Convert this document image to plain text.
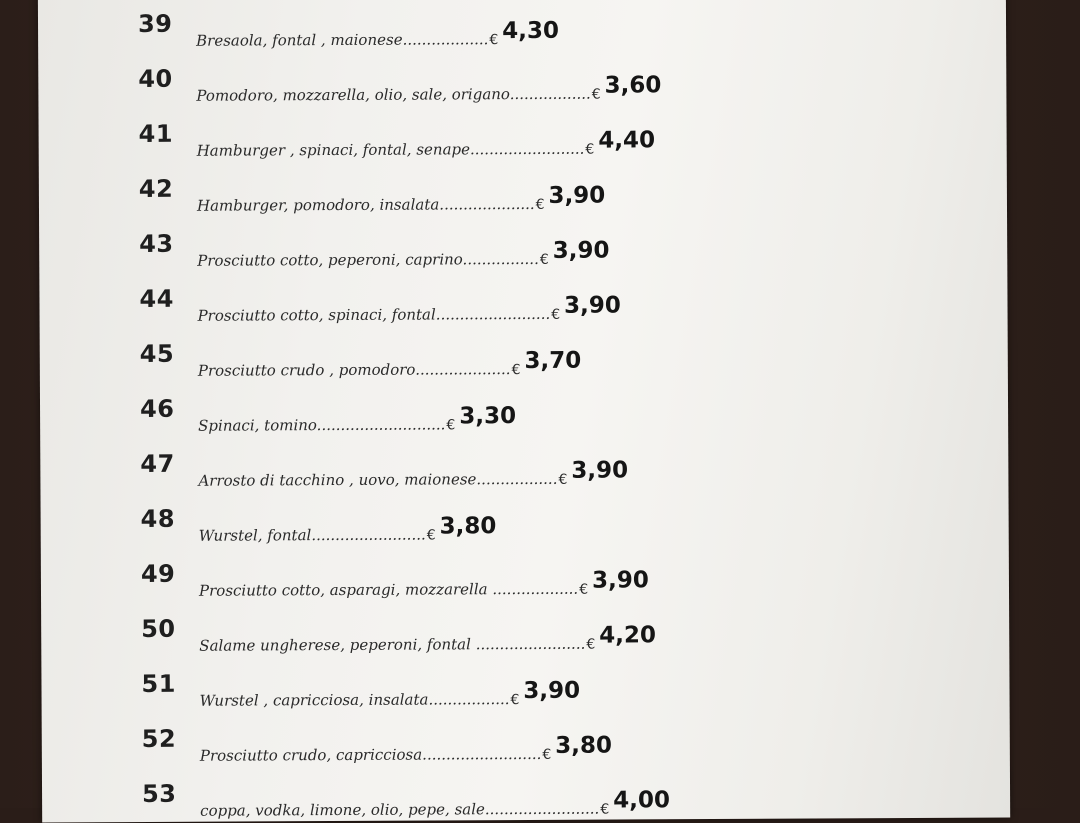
39
Bresaola, fontal , maionese..................€ 4,30
40
Pomodoro, mozzarella, olio, sale, origano.................€ 3,60
41
Hamburger , spinaci, fontal, senape........................€ 4,40
42
Hamburger, pomodoro, insalata....................€ 3,90
43
Prosciutto cotto, peperoni, caprino................€ 3,90
44
Prosciutto cotto, spinaci, fontal........................€ 3,90
45
Prosciutto crudo , pomodoro....................€ 3,70
46
Spinaci, tomino...........................€ 3,30
47
Arrosto di tacchino , uovo, maionese.................€ 3,90
48
Wurstel, fontal........................€ 3,80
49
Prosciutto cotto, asparagi, mozzarella ..................€ 3,90
50
Salame ungherese, peperoni, fontal .......................€ 4,20
51
Wurstel , capricciosa, insalata.................€ 3,90
52
Prosciutto crudo, capricciosa.........................€ 3,80
53
coppa, vodka, limone, olio, pepe, sale........................€ 4,00
